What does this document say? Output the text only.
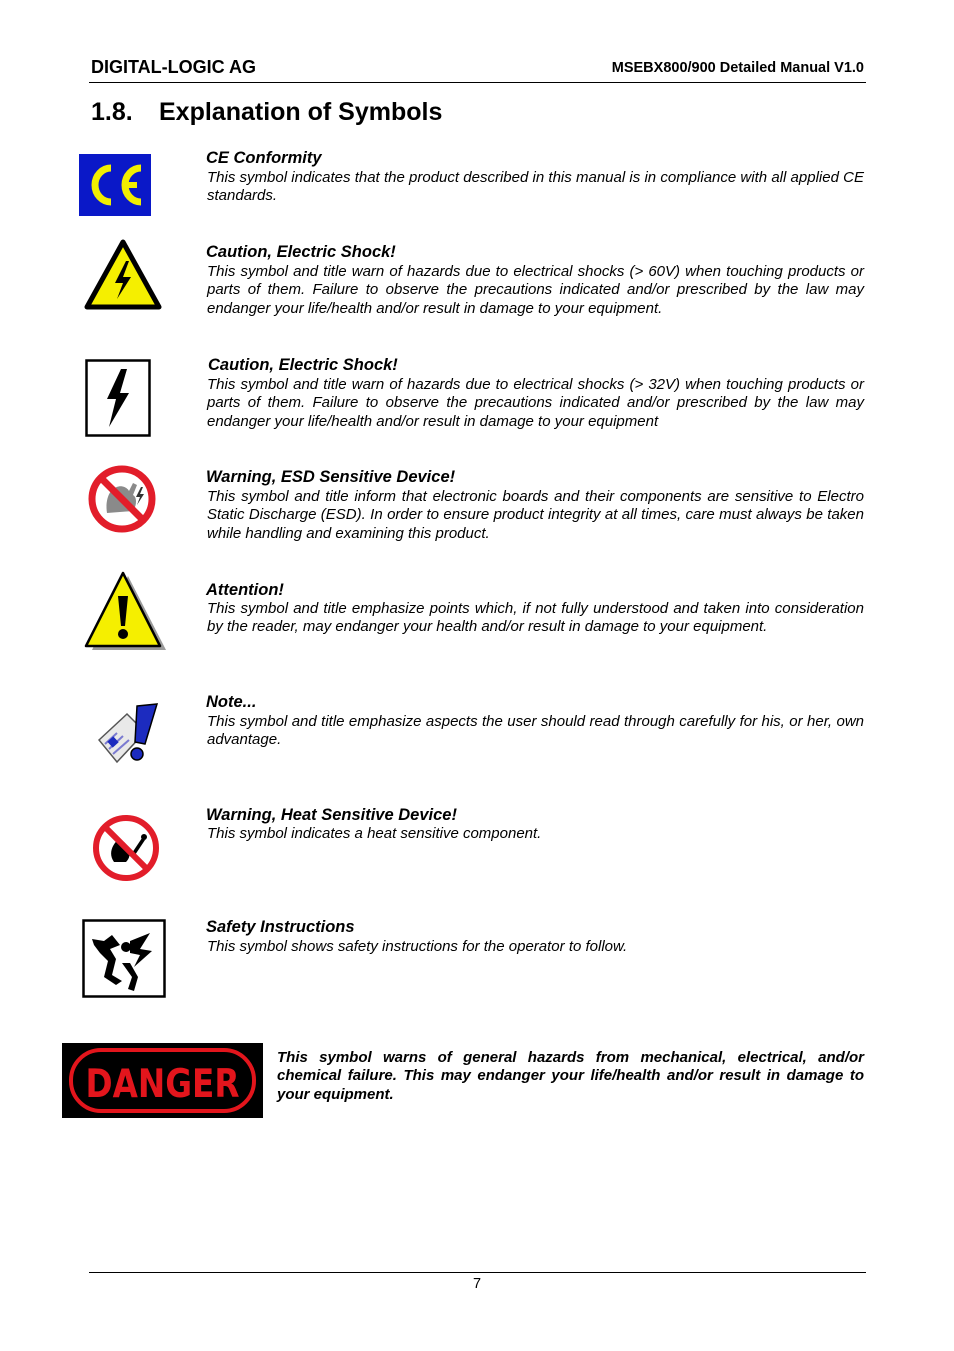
DIGITAL-LOGIC AG	MSEBX800/900 Detailed Manual V1.0
1.8. Explanation of Symbols
CE Conformity
This symbol indicates that the product described in this manual is in compliance with all applied CE standards.
Caution, Electric Shock!
This symbol and title warn of hazards due to electrical shocks (> 60V) when touching products or parts of them. Failure to observe the precautions indicated and/or prescribed by the law may endanger your life/health and/or result in damage to your equipment.
Caution, Electric Shock!
This symbol and title warn of hazards due to electrical shocks (> 32V) when touching products or parts of them. Failure to observe the precautions indicated and/or prescribed by the law may endanger your life/health and/or result in damage to your equipment
Warning, ESD Sensitive Device!
This symbol and title inform that electronic boards and their components are sensitive to Electro Static Discharge (ESD). In order to ensure product integrity at all times, care must always be taken while handling and examining this product.
Attention!
This symbol and title emphasize points which, if not fully understood and taken into consideration by the reader, may endanger your health and/or result in damage to your equipment.
Note...
This symbol and title emphasize aspects the user should read through carefully for his, or her, own advantage.
Warning, Heat Sensitive Device!
This symbol indicates a heat sensitive component.
Safety Instructions
This symbol shows safety instructions for the operator to follow.
DANGER
This symbol warns of general hazards from mechanical, electrical, and/or chemical failure. This may endanger your life/health and/or result in damage to your equipment.
7
